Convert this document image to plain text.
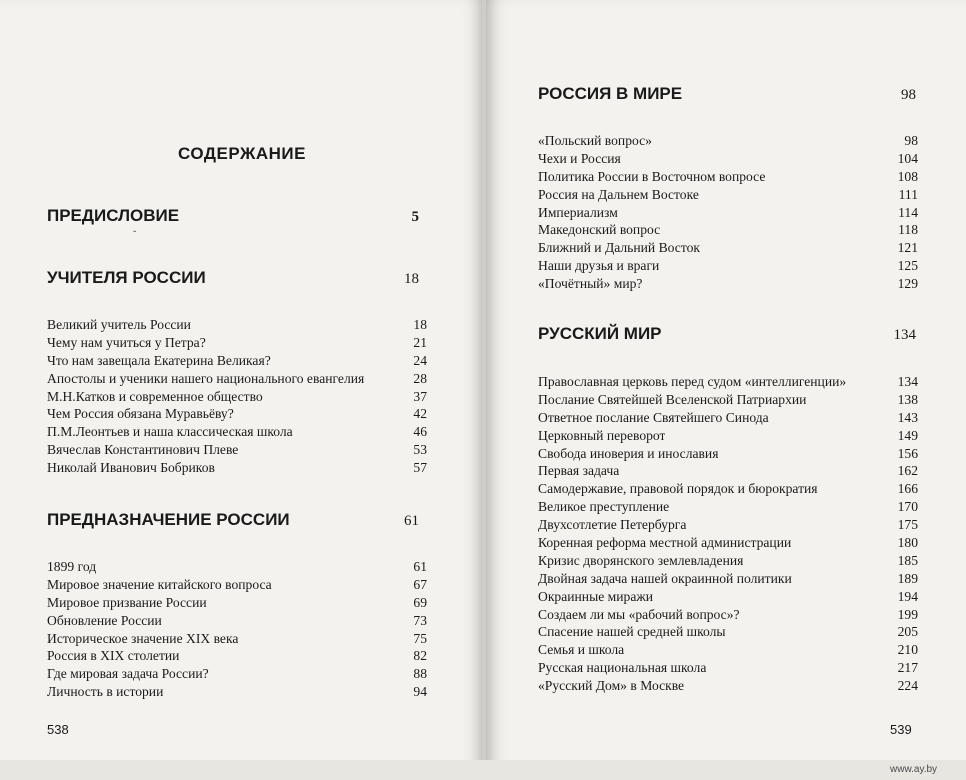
СОДЕРЖАНИЕ
ПРЕДИСЛОВИЕ	5
ˇ
УЧИТЕЛЯ РОССИИ	18
Великий учитель России	18
Чему нам учиться у Петра?	21
Что нам завещала Екатерина Великая?	24
Апостолы и ученики нашего национального евангелия	28
М.Н.Катков и современное общество	37
Чем Россия обязана Муравьёву?	42
П.М.Леонтьев и наша классическая школа	46
Вячеслав Константинович Плеве	53
Николай Иванович Бобриков	57
ПРЕДНАЗНАЧЕНИЕ РОССИИ	61
1899 год	61
Мировое значение китайского вопроса	67
Мировое призвание России	69
Обновление России	73
Историческое значение XIX века	75
Россия в XIX столетии	82
Где мировая задача России?	88
Личность в истории	94
538
РОССИЯ В МИРЕ	98
«Польский вопрос»	98
Чехи и Россия	104
Политика России в Восточном вопросе	108
Россия на Дальнем Востоке	111
Империализм	114
Македонский вопрос	118
Ближний и Дальний Восток	121
Наши друзья и враги	125
«Почётный» мир?	129
РУССКИЙ МИР	134
Православная церковь перед судом «интеллигенции»	134
Послание Святейшей Вселенской Патриархии	138
Ответное послание Святейшего Синода	143
Церковный переворот	149
Свобода иноверия и инославия	156
Первая задача	162
Самодержавие, правовой порядок и бюрократия	166
Великое преступление	170
Двухсотлетие Петербурга	175
Коренная реформа местной администрации	180
Кризис дворянского землевладения	185
Двойная задача нашей окраинной политики	189
Окраинные миражи	194
Создаем ли мы «рабочий вопрос»?	199
Спасение нашей средней школы	205
Семья и школа	210
Русская национальная школа	217
«Русский Дом» в Москве	224
539
www.ay.by
